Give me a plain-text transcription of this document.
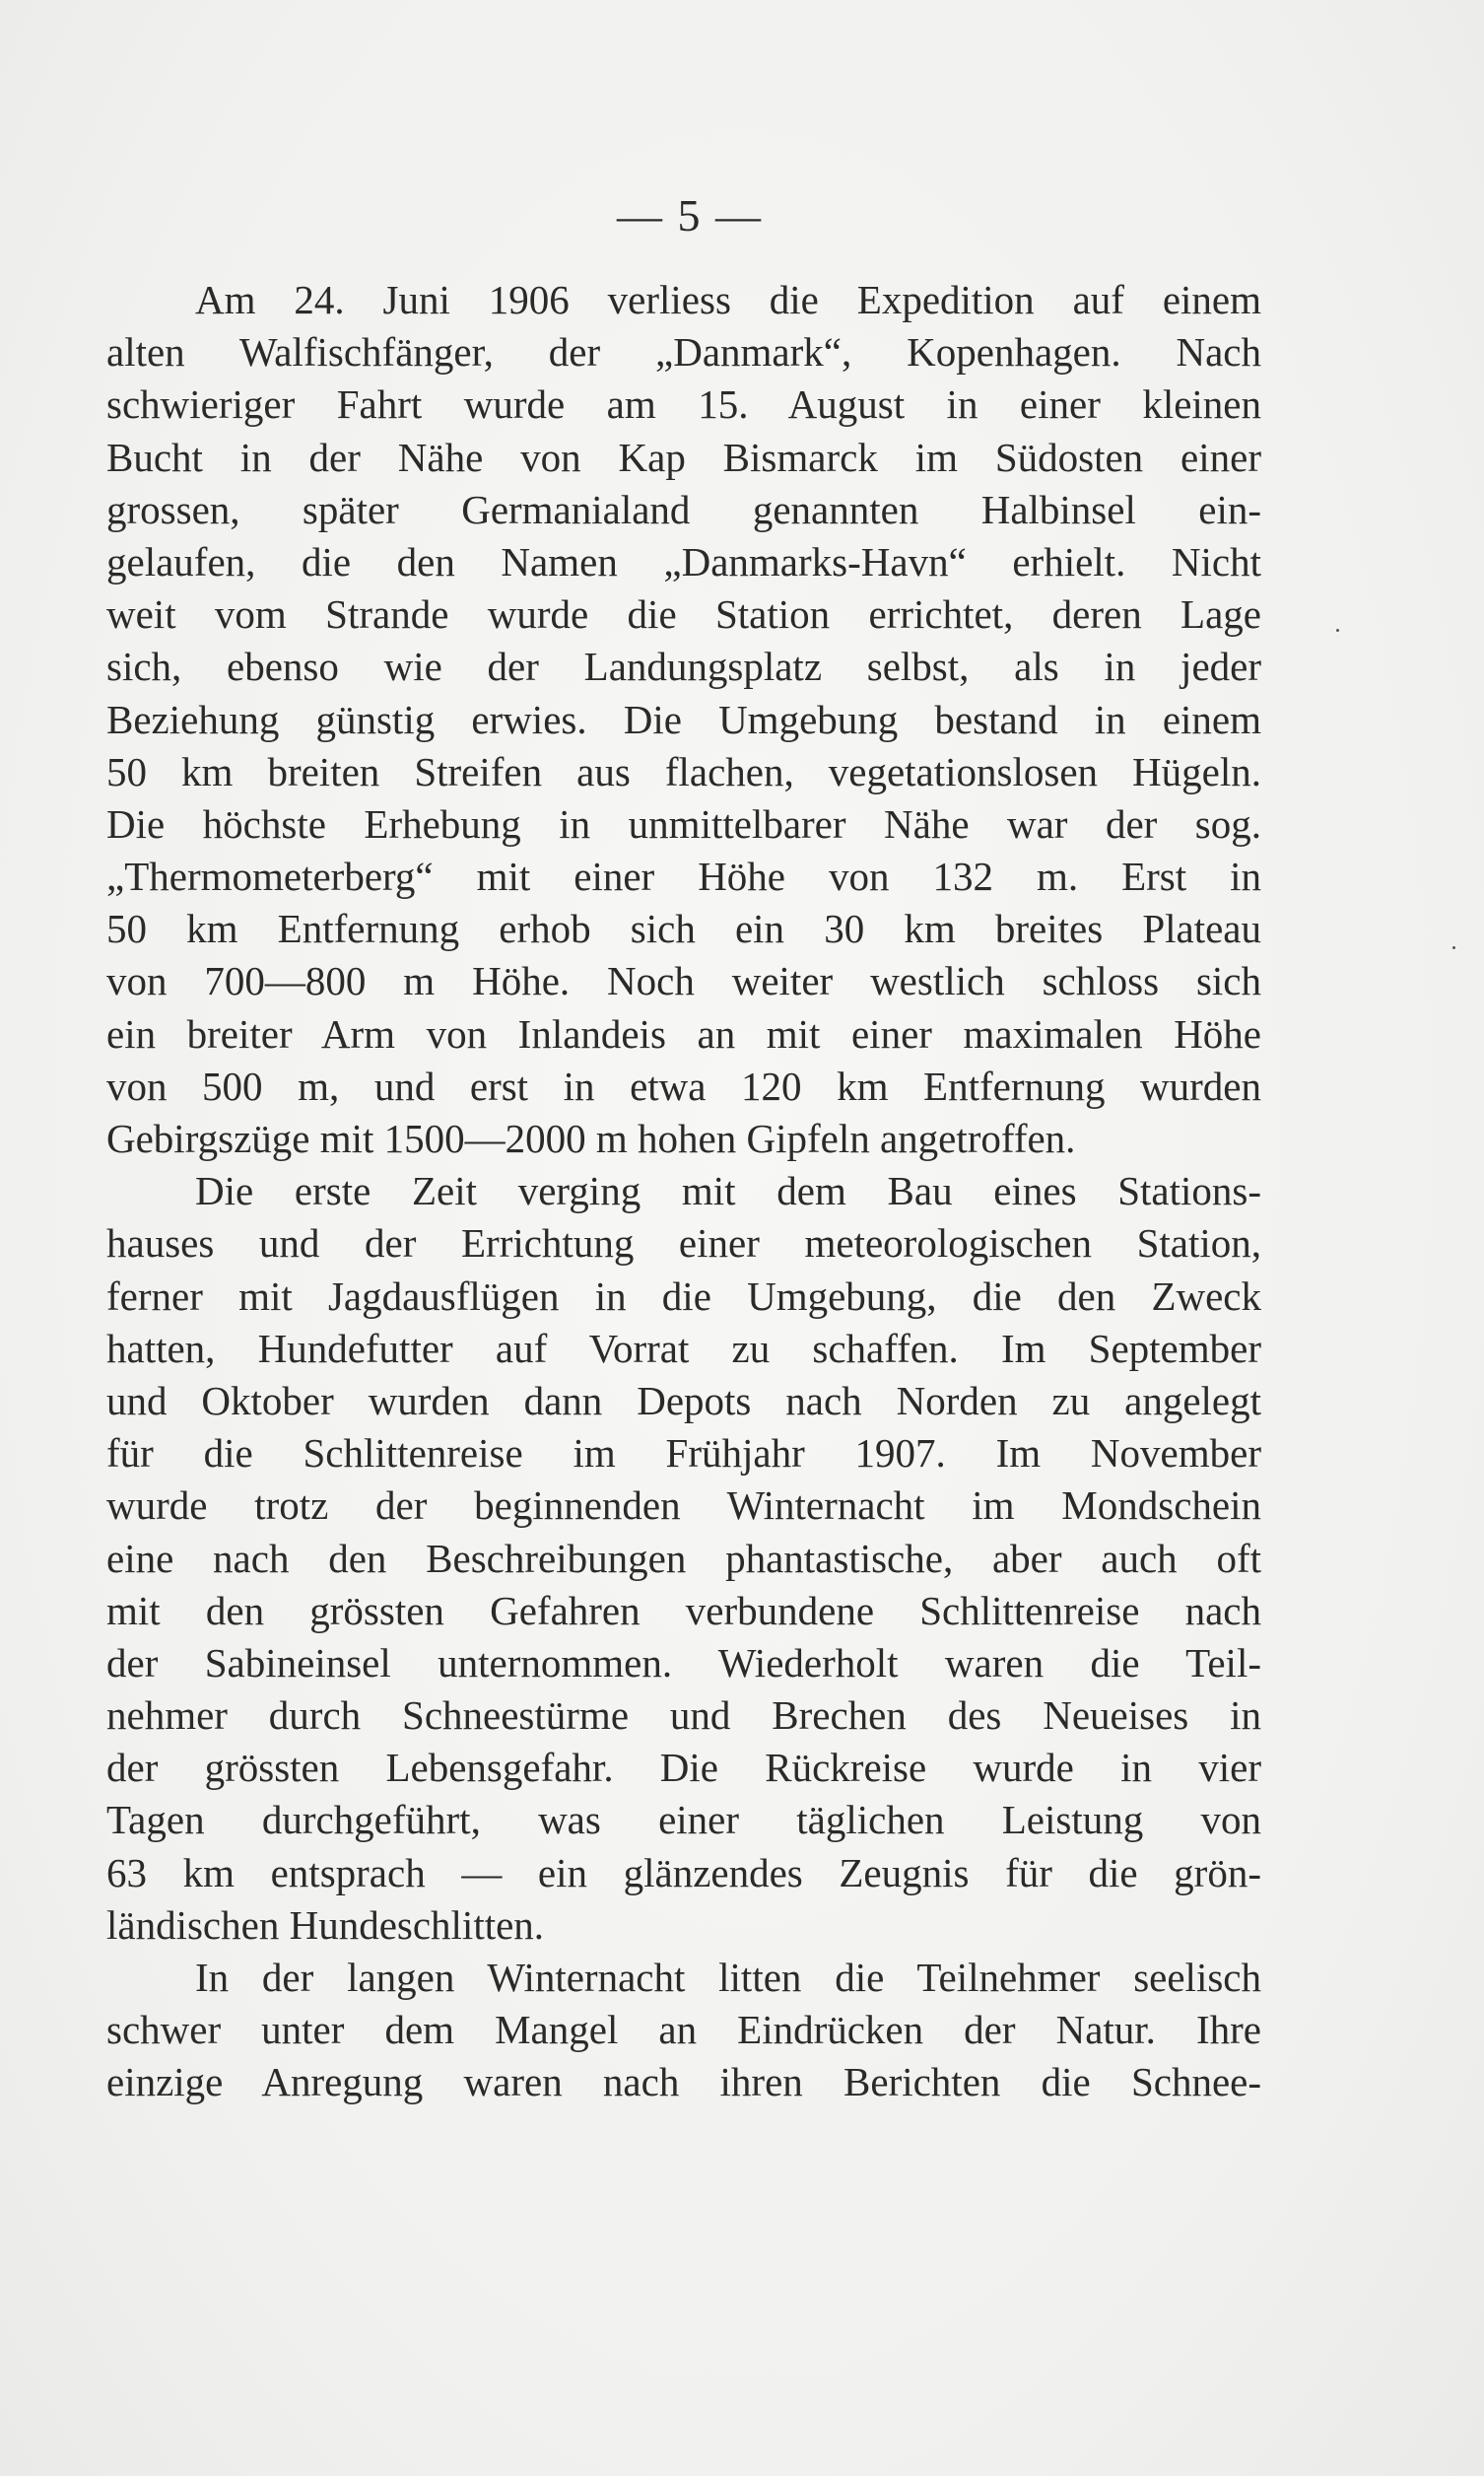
— 5 —
Am 24. Juni 1906 verliess die Expedition auf einem
alten Walfischfänger, der „Danmark“, Kopenhagen. Nach
schwieriger Fahrt wurde am 15. August in einer kleinen
Bucht in der Nähe von Kap Bismarck im Südosten einer
grossen, später Germanialand genannten Halbinsel ein-
gelaufen, die den Namen „Danmarks-Havn“ erhielt. Nicht
weit vom Strande wurde die Station errichtet, deren Lage
sich, ebenso wie der Landungsplatz selbst, als in jeder
Beziehung günstig erwies. Die Umgebung bestand in einem
50 km breiten Streifen aus flachen, vegetationslosen Hügeln.
Die höchste Erhebung in unmittelbarer Nähe war der sog.
„Thermometerberg“ mit einer Höhe von 132 m. Erst in
50 km Entfernung erhob sich ein 30 km breites Plateau
von 700—800 m Höhe. Noch weiter westlich schloss sich
ein breiter Arm von Inlandeis an mit einer maximalen Höhe
von 500 m, und erst in etwa 120 km Entfernung wurden
Gebirgszüge mit 1500—2000 m hohen Gipfeln angetroffen.
Die erste Zeit verging mit dem Bau eines Stations-
hauses und der Errichtung einer meteorologischen Station,
ferner mit Jagdausflügen in die Umgebung, die den Zweck
hatten, Hundefutter auf Vorrat zu schaffen. Im September
und Oktober wurden dann Depots nach Norden zu angelegt
für die Schlittenreise im Frühjahr 1907. Im November
wurde trotz der beginnenden Winternacht im Mondschein
eine nach den Beschreibungen phantastische, aber auch oft
mit den grössten Gefahren verbundene Schlittenreise nach
der Sabineinsel unternommen. Wiederholt waren die Teil-
nehmer durch Schneestürme und Brechen des Neueises in
der grössten Lebensgefahr. Die Rückreise wurde in vier
Tagen durchgeführt, was einer täglichen Leistung von
63 km entsprach — ein glänzendes Zeugnis für die grön-
ländischen Hundeschlitten.
In der langen Winternacht litten die Teilnehmer seelisch
schwer unter dem Mangel an Eindrücken der Natur. Ihre
einzige Anregung waren nach ihren Berichten die Schnee-
